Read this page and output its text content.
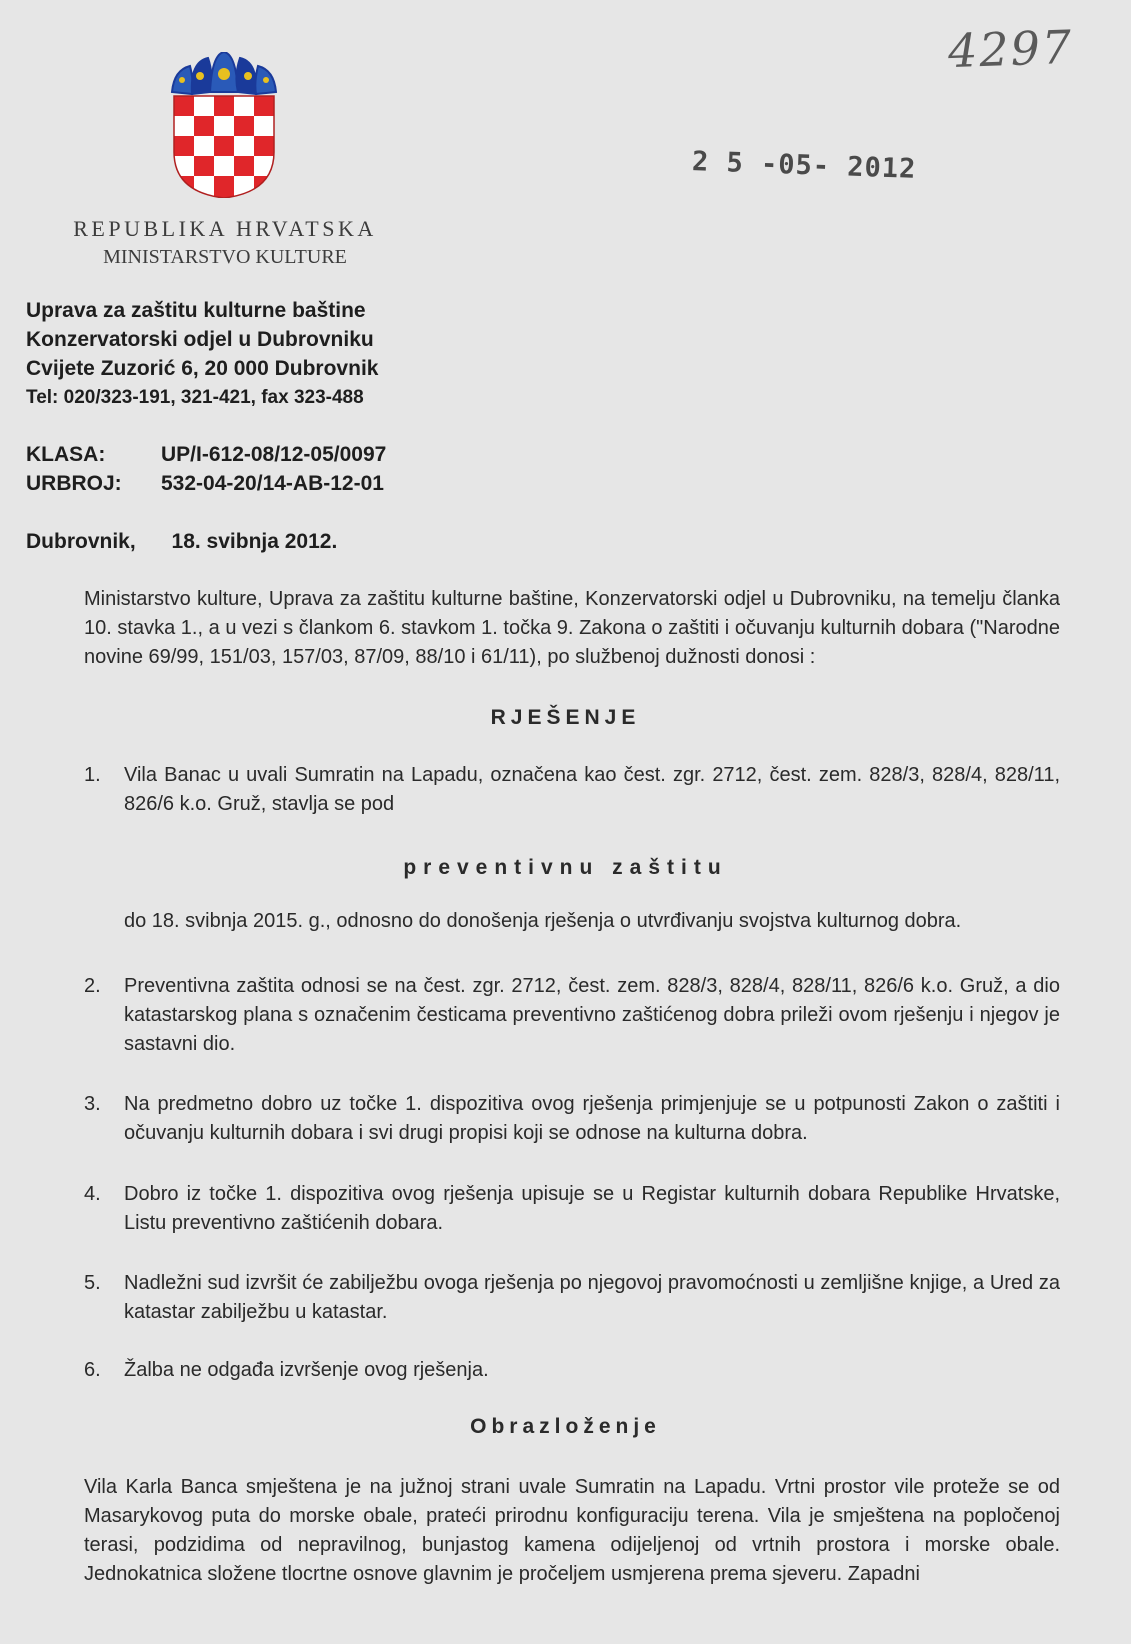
4297
2 5 -05- 2012
REPUBLIKA HRVATSKA
MINISTARSTVO KULTURE
Uprava za zaštitu kulturne baštine
Konzervatorski odjel u Dubrovniku
Cvijete Zuzorić 6, 20 000 Dubrovnik
Tel: 020/323-191, 321-421, fax 323-488
KLASA:	UP/I-612-08/12-05/0097
URBROJ:	532-04-20/14-AB-12-01
Dubrovnik, 18. svibnja 2012.
Ministarstvo kulture, Uprava za zaštitu kulturne baštine, Konzervatorski odjel u Dubrovniku, na temelju članka 10. stavka 1., a u vezi s člankom 6. stavkom 1. točka 9. Zakona o zaštiti i očuvanju kulturnih dobara ("Narodne novine 69/99, 151/03, 157/03, 87/09, 88/10 i 61/11), po službenoj dužnosti donosi :
RJEŠENJE
1.	Vila Banac u uvali Sumratin na Lapadu, označena kao čest. zgr. 2712, čest. zem. 828/3, 828/4, 828/11, 826/6 k.o. Gruž, stavlja se pod
preventivnu zaštitu
do 18. svibnja 2015. g., odnosno do donošenja rješenja o utvrđivanju svojstva kulturnog dobra.
2.	Preventivna zaštita odnosi se na čest. zgr. 2712, čest. zem. 828/3, 828/4, 828/11, 826/6 k.o. Gruž, a dio katastarskog plana s označenim česticama preventivno zaštićenog dobra prileži ovom rješenju i njegov je sastavni dio.
3.	Na predmetno dobro uz točke 1. dispozitiva ovog rješenja primjenjuje se u potpunosti Zakon o zaštiti i očuvanju kulturnih dobara i svi drugi propisi koji se odnose na kulturna dobra.
4.	Dobro iz točke 1. dispozitiva ovog rješenja upisuje se u Registar kulturnih dobara Republike Hrvatske, Listu preventivno zaštićenih dobara.
5.	Nadležni sud izvršit će zabilježbu ovoga rješenja po njegovoj pravomoćnosti u zemljišne knjige, a Ured za katastar zabilježbu u katastar.
6.	Žalba ne odgađa izvršenje ovog rješenja.
Obrazloženje
Vila Karla Banca smještena je na južnoj strani uvale Sumratin na Lapadu. Vrtni prostor vile proteže se od Masarykovog puta do morske obale, prateći prirodnu konfiguraciju terena. Vila je smještena na popločenoj terasi, podzidima od nepravilnog, bunjastog kamena odijeljenoj od vrtnih prostora i morske obale. Jednokatnica složene tlocrtne osnove glavnim je pročeljem usmjerena prema sjeveru. Zapadni
